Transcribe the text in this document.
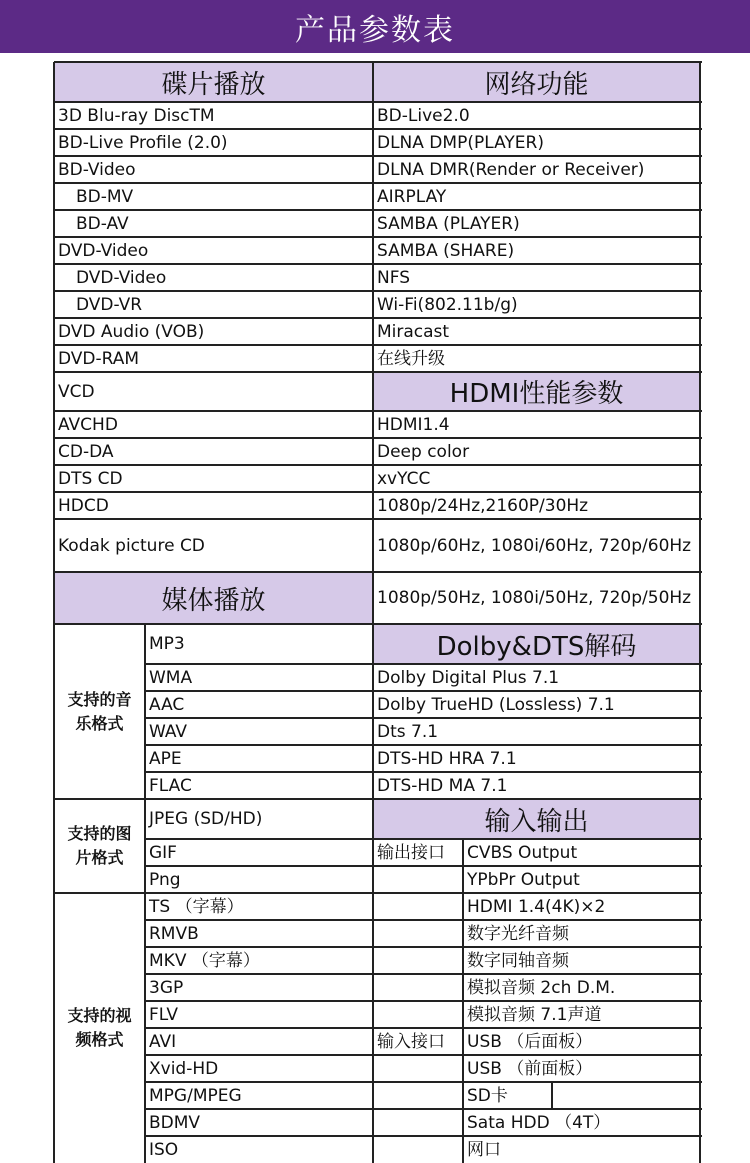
产品参数表
碟片播放	网络功能
HDMI性能参数
媒体播放
Dolby&DTS解码
输入输出
3D Blu-ray DiscTM
BD-Live Profile (2.0)
BD-Video
BD-MV
BD-AV
DVD-Video
DVD-Video
DVD-VR
DVD Audio (VOB)
DVD-RAM
VCD
AVCHD
CD-DA
DTS CD
HDCD
Kodak picture CD
BD-Live2.0
DLNA DMP(PLAYER)
DLNA DMR(Render or Receiver)
AIRPLAY
SAMBA (PLAYER)
SAMBA (SHARE)
NFS
Wi-Fi(802.11b/g)
Miracast
在线升级
HDMI1.4
Deep color
xvYCC
1080p/24Hz,2160P/30Hz
1080p/60Hz, 1080i/60Hz, 720p/60Hz
1080p/50Hz, 1080i/50Hz, 720p/50Hz
MP3
WMA
AAC
WAV
APE
FLAC
支持的音乐格式
JPEG (SD/HD)
GIF
Png
支持的图片格式
TS （字幕）
RMVB
MKV （字幕）
3GP
FLV
AVI
Xvid-HD
MPG/MPEG
BDMV
ISO
支持的视频格式
Dolby Digital Plus 7.1
Dolby TrueHD (Lossless) 7.1
Dts 7.1
DTS-HD HRA 7.1
DTS-HD MA 7.1
CVBS Output
YPbPr Output
HDMI 1.4(4K)×2
数字光纤音频
数字同轴音频
模拟音频 2ch D.M.
模拟音频 7.1声道
USB （后面板）
USB （前面板）
SD卡
Sata HDD （4T）
网口
输出接口
输入接口
